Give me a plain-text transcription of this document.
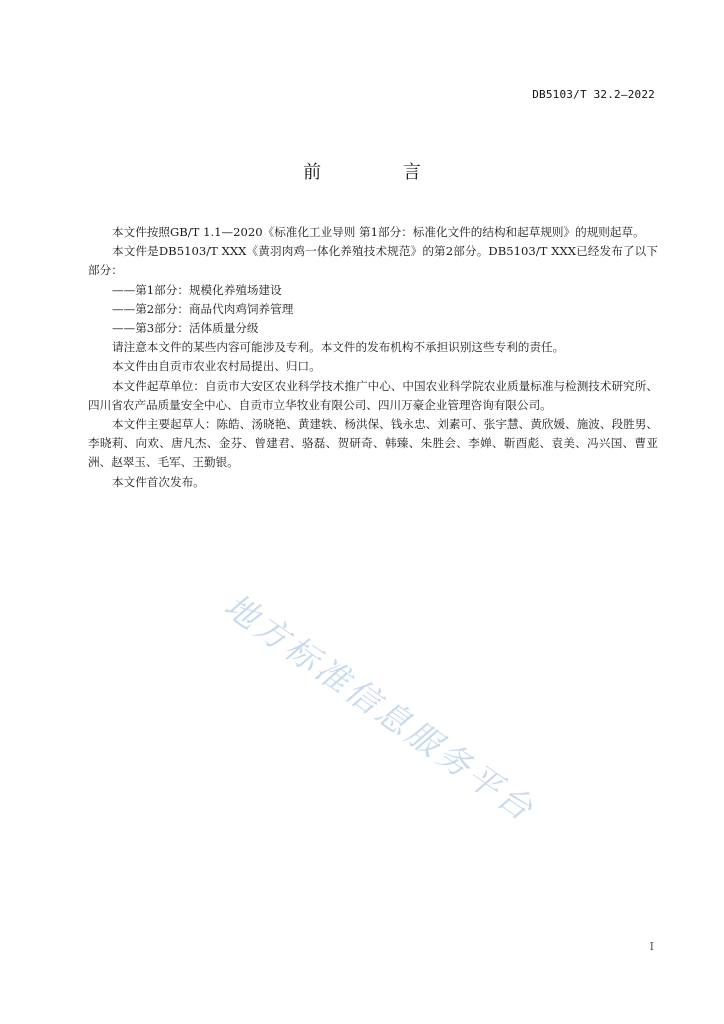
DB5103/T 32.2—2022
前 言

本文件按照GB/T 1.1—2020《标准化工业导则 第1部分：标准化文件的结构和起草规则》的规则起草。

本文件是DB5103/T XXX《黄羽肉鸡一体化养殖技术规范》的第2部分。DB5103/T XXX已经发布了以下部分：

——第1部分：规模化养殖场建设

——第2部分：商品代肉鸡饲养管理

——第3部分：活体质量分级

请注意本文件的某些内容可能涉及专利。本文件的发布机构不承担识别这些专利的责任。

本文件由自贡市农业农村局提出、归口。

本文件起草单位：自贡市大安区农业科学技术推广中心、中国农业科学院农业质量标准与检测技术研究所、四川省农产品质量安全中心、自贡市立华牧业有限公司、四川万豪企业管理咨询有限公司。

本文件主要起草人：陈皓、汤晓艳、黄建轶、杨洪保、钱永忠、刘素可、张宇慧、黄欣媛、施波、段胜男、李晓莉、向欢、唐凡杰、金芬、曾建君、骆磊、贺研奇、韩臻、朱胜会、李婵、靳酉彪、袁美、冯兴国、曹亚洲、赵翠玉、毛军、王勤银。

本文件首次发布。

地方标准信息服务平台
I
